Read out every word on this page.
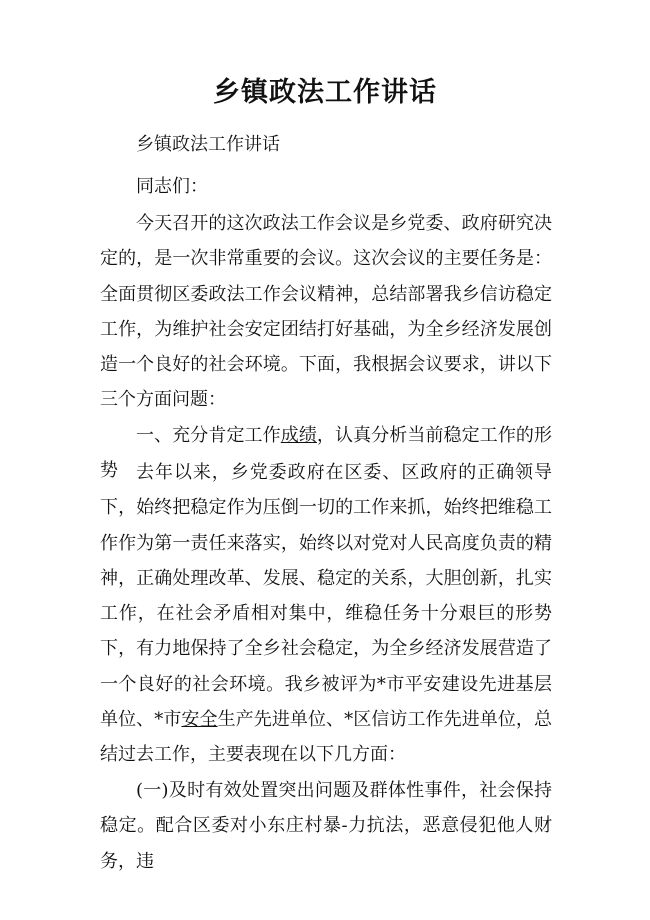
乡镇政法工作讲话
乡镇政法工作讲话
同志们：
今天召开的这次政法工作会议是乡党委、政府研究决定的，是一次非常重要的会议。这次会议的主要任务是：全面贯彻区委政法工作会议精神，总结部署我乡信访稳定工作，为维护社会安定团结打好基础，为全乡经济发展创造一个良好的社会环境。下面，我根据会议要求，讲以下三个方面问题：
一、充分肯定工作成绩，认真分析当前稳定工作的形势	去年以来，乡党委政府在区委、区政府的正确领导下，始终把稳定作为压倒一切的工作来抓，始终把维稳工作作为第一责任来落实，始终以对党对人民高度负责的精神，正确处理改革、发展、稳定的关系，大胆创新，扎实工作，在社会矛盾相对集中，维稳任务十分艰巨的形势下，有力地保持了全乡社会稳定，为全乡经济发展营造了一个良好的社会环境。我乡被评为*市平安建设先进基层单位、*市安全生产先进单位、*区信访工作先进单位，总结过去工作，主要表现在以下几方面：
(一)及时有效处置突出问题及群体性事件，社会保持稳定。配合区委对小东庄村暴-力抗法，恶意侵犯他人财务，违
